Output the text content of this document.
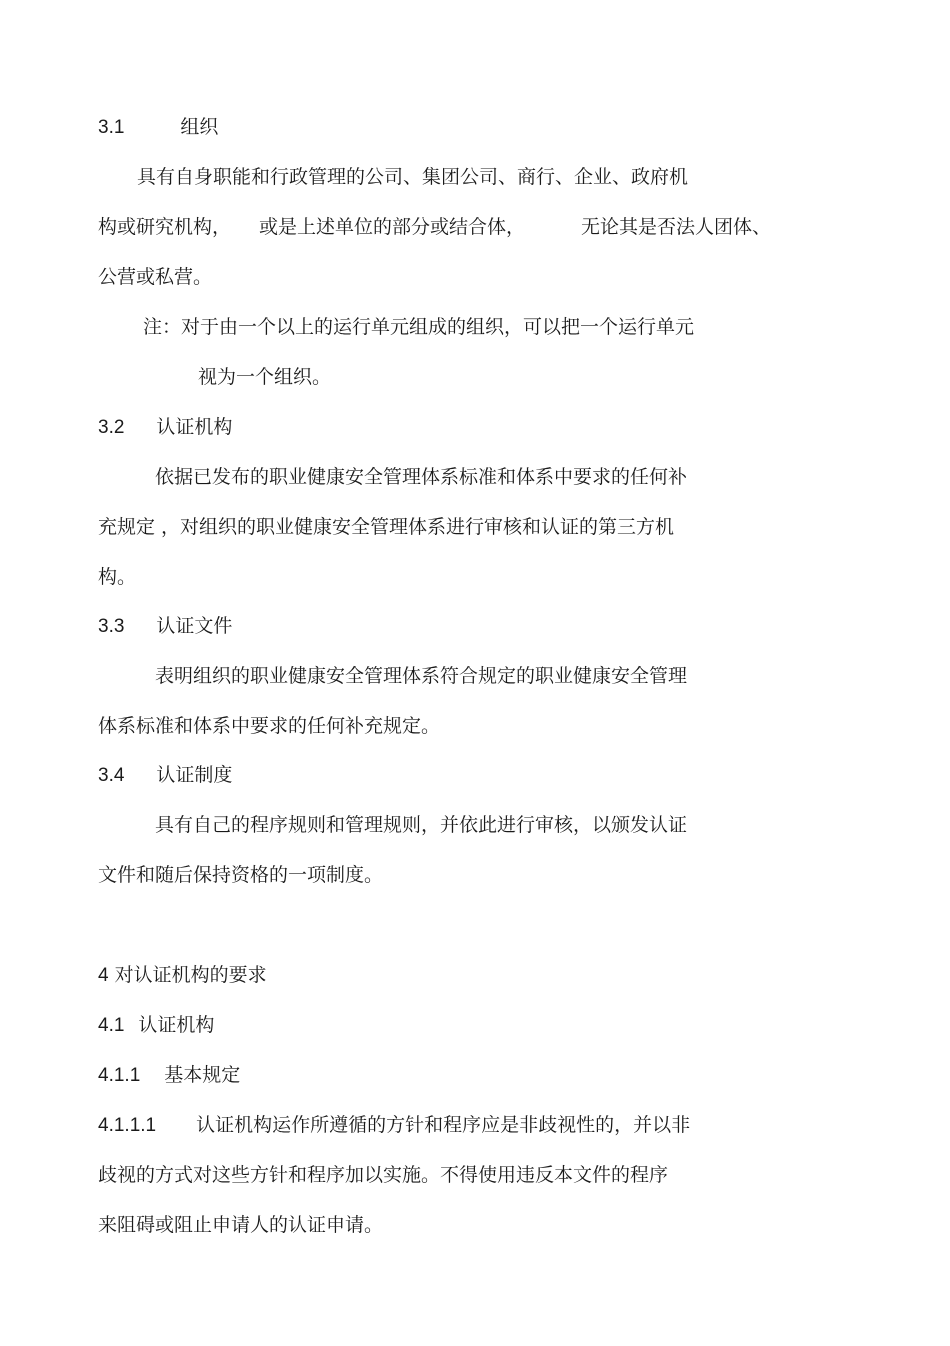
3.1	组织

具有自身职能和行政管理的公司、集团公司、商行、企业、政府机

构或研究机构， 或是上述单位的部分或结合体，	无论其是否法人团体、

公营或私营。

注：对于由一个以上的运行单元组成的组织，可以把一个运行单元

视为一个组织。

3.2 认证机构

依据已发布的职业健康安全管理体系标准和体系中要求的任何补

充规定 ，对组织的职业健康安全管理体系进行审核和认证的第三方机

构。

3.3 认证文件

表明组织的职业健康安全管理体系符合规定的职业健康安全管理

体系标准和体系中要求的任何补充规定。

3.4 认证制度

具有自己的程序规则和管理规则，并依此进行审核，以颁发认证

文件和随后保持资格的一项制度。

4 对认证机构的要求

4.1 认证机构

4.1.1 基本规定

4.1.1.1 认证机构运作所遵循的方针和程序应是非歧视性的，并以非

歧视的方式对这些方针和程序加以实施。不得使用违反本文件的程序

来阻碍或阻止申请人的认证申请。
